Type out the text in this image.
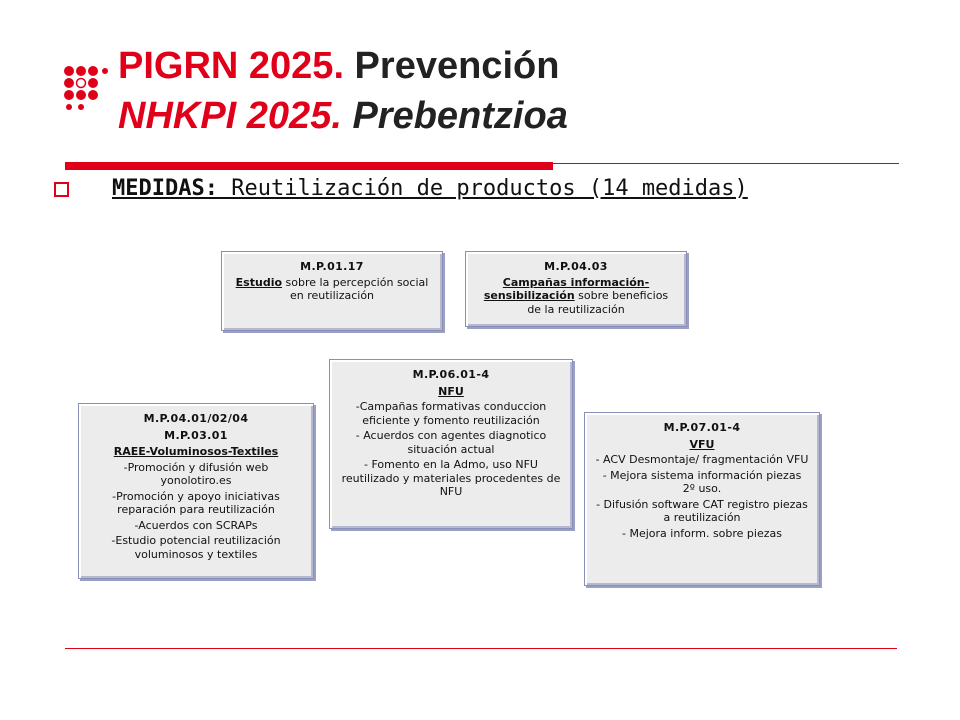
PIGRN 2025. Prevención
NHKPI 2025. Prebentzioa
MEDIDAS: Reutilización de productos (14 medidas)
M.P.01.17

Estudio sobre la percepción social en reutilización

M.P.04.03

Campañas información-sensibilización sobre beneficios de la reutilización

M.P.06.01-4
NFU

-Campañas formativas conduccion eficiente y fomento reutilización

- Acuerdos con agentes diagnotico situación actual

- Fomento en la Admo, uso NFU reutilizado y materiales procedentes de NFU

M.P.04.01/02/04
M.P.03.01
RAEE-Voluminosos-Textiles

-Promoción y difusión web yonolotiro.es

-Promoción y apoyo iniciativas reparación para reutilización

-Acuerdos con SCRAPs

-Estudio potencial reutilización voluminosos y textiles

M.P.07.01-4
VFU

- ACV Desmontaje/ fragmentación VFU

- Mejora sistema información piezas 2º uso.

- Difusión software CAT registro piezas a reutilización

- Mejora inform. sobre piezas
